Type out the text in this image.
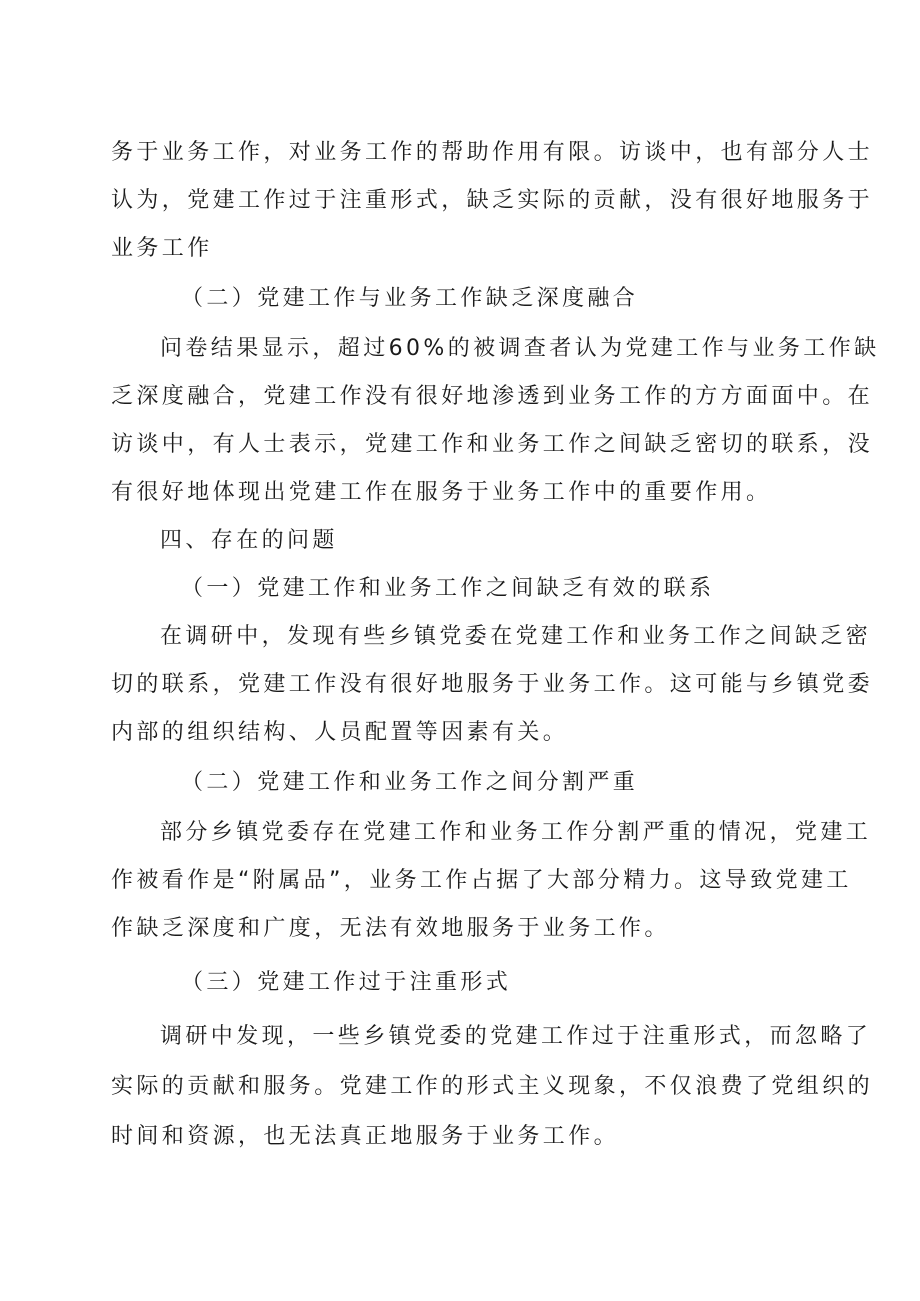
务于业务工作，对业务工作的帮助作用有限。访谈中，也有部分人士
认为，党建工作过于注重形式，缺乏实际的贡献，没有很好地服务于
业务工作
（二）党建工作与业务工作缺乏深度融合
问卷结果显示，超过60%的被调查者认为党建工作与业务工作缺
乏深度融合，党建工作没有很好地渗透到业务工作的方方面面中。在
访谈中，有人士表示，党建工作和业务工作之间缺乏密切的联系，没
有很好地体现出党建工作在服务于业务工作中的重要作用。
四、存在的问题
（一）党建工作和业务工作之间缺乏有效的联系
在调研中，发现有些乡镇党委在党建工作和业务工作之间缺乏密
切的联系，党建工作没有很好地服务于业务工作。这可能与乡镇党委
内部的组织结构、人员配置等因素有关。
（二）党建工作和业务工作之间分割严重
部分乡镇党委存在党建工作和业务工作分割严重的情况，党建工
作被看作是“附属品”，业务工作占据了大部分精力。这导致党建工
作缺乏深度和广度，无法有效地服务于业务工作。
（三）党建工作过于注重形式
调研中发现，一些乡镇党委的党建工作过于注重形式，而忽略了
实际的贡献和服务。党建工作的形式主义现象，不仅浪费了党组织的
时间和资源，也无法真正地服务于业务工作。
